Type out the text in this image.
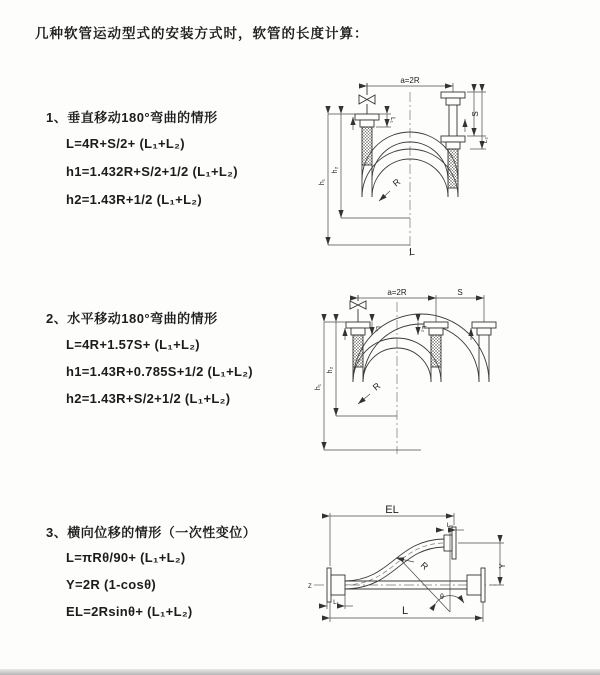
几种软管运动型式的安装方式时，软管的长度计算：
1、垂直移动180°弯曲的情形
L=4R+S/2+ (L₁+L₂)
h1=1.432R+S/2+1/2 (L₁+L₂)
h2=1.43R+1/2 (L₁+L₂)
2、水平移动180°弯曲的情形
L=4R+1.57S+ (L₁+L₂)
h1=1.43R+0.785S+1/2 (L₁+L₂)
h2=1.43R+S/2+1/2 (L₁+L₂)
3、横向位移的情形（一次性变位）
L=πRθ/90+ (L₁+L₂)
Y=2R (1-cosθ)
EL=2Rsinθ+ (L₁+L₂)
a=2R
L₁
S
L₂
h₂
h₁	R
L
a=2R	S
L₁	L₂
h₂
h₁	R
EL
L₂
Y
R
θ
L
L₁
Z
